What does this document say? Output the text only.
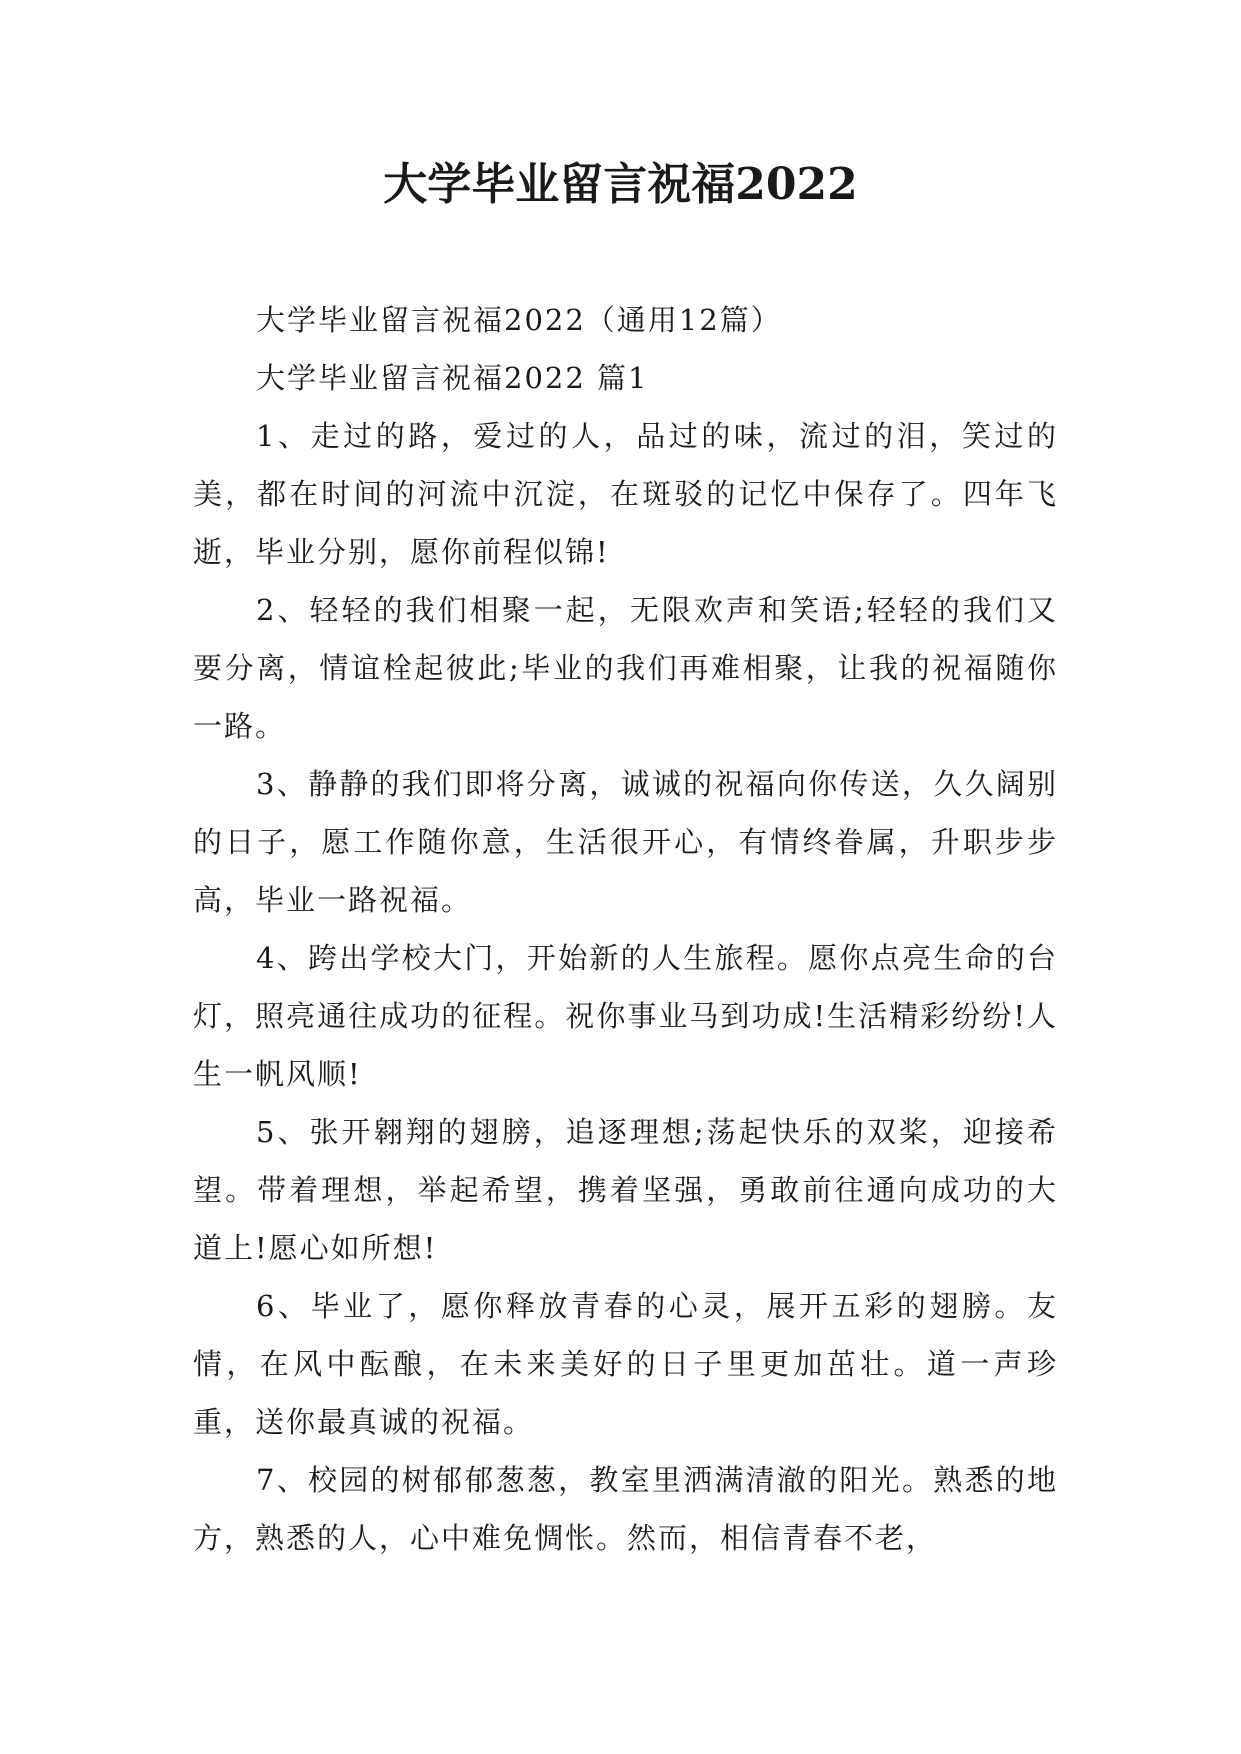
大学毕业留言祝福2022

大学毕业留言祝福2022（通用12篇）

大学毕业留言祝福2022 篇1

1、走过的路，爱过的人，品过的味，流过的泪，笑过的美，都在时间的河流中沉淀，在斑驳的记忆中保存了。四年飞逝，毕业分别，愿你前程似锦!

2、轻轻的我们相聚一起，无限欢声和笑语;轻轻的我们又要分离，情谊栓起彼此;毕业的我们再难相聚，让我的祝福随你一路。

3、静静的我们即将分离，诚诚的祝福向你传送，久久阔别的日子，愿工作随你意，生活很开心，有情终眷属，升职步步高，毕业一路祝福。

4、跨出学校大门，开始新的人生旅程。愿你点亮生命的台灯，照亮通往成功的征程。祝你事业马到功成!生活精彩纷纷!人生一帆风顺!

5、张开翱翔的翅膀，追逐理想;荡起快乐的双桨，迎接希望。带着理想，举起希望，携着坚强，勇敢前往通向成功的大道上!愿心如所想!

6、毕业了，愿你释放青春的心灵，展开五彩的翅膀。友情，在风中酝酿，在未来美好的日子里更加茁壮。道一声珍重，送你最真诚的祝福。

7、校园的树郁郁葱葱，教室里洒满清澈的阳光。熟悉的地方，熟悉的人，心中难免惆怅。然而，相信青春不老，
